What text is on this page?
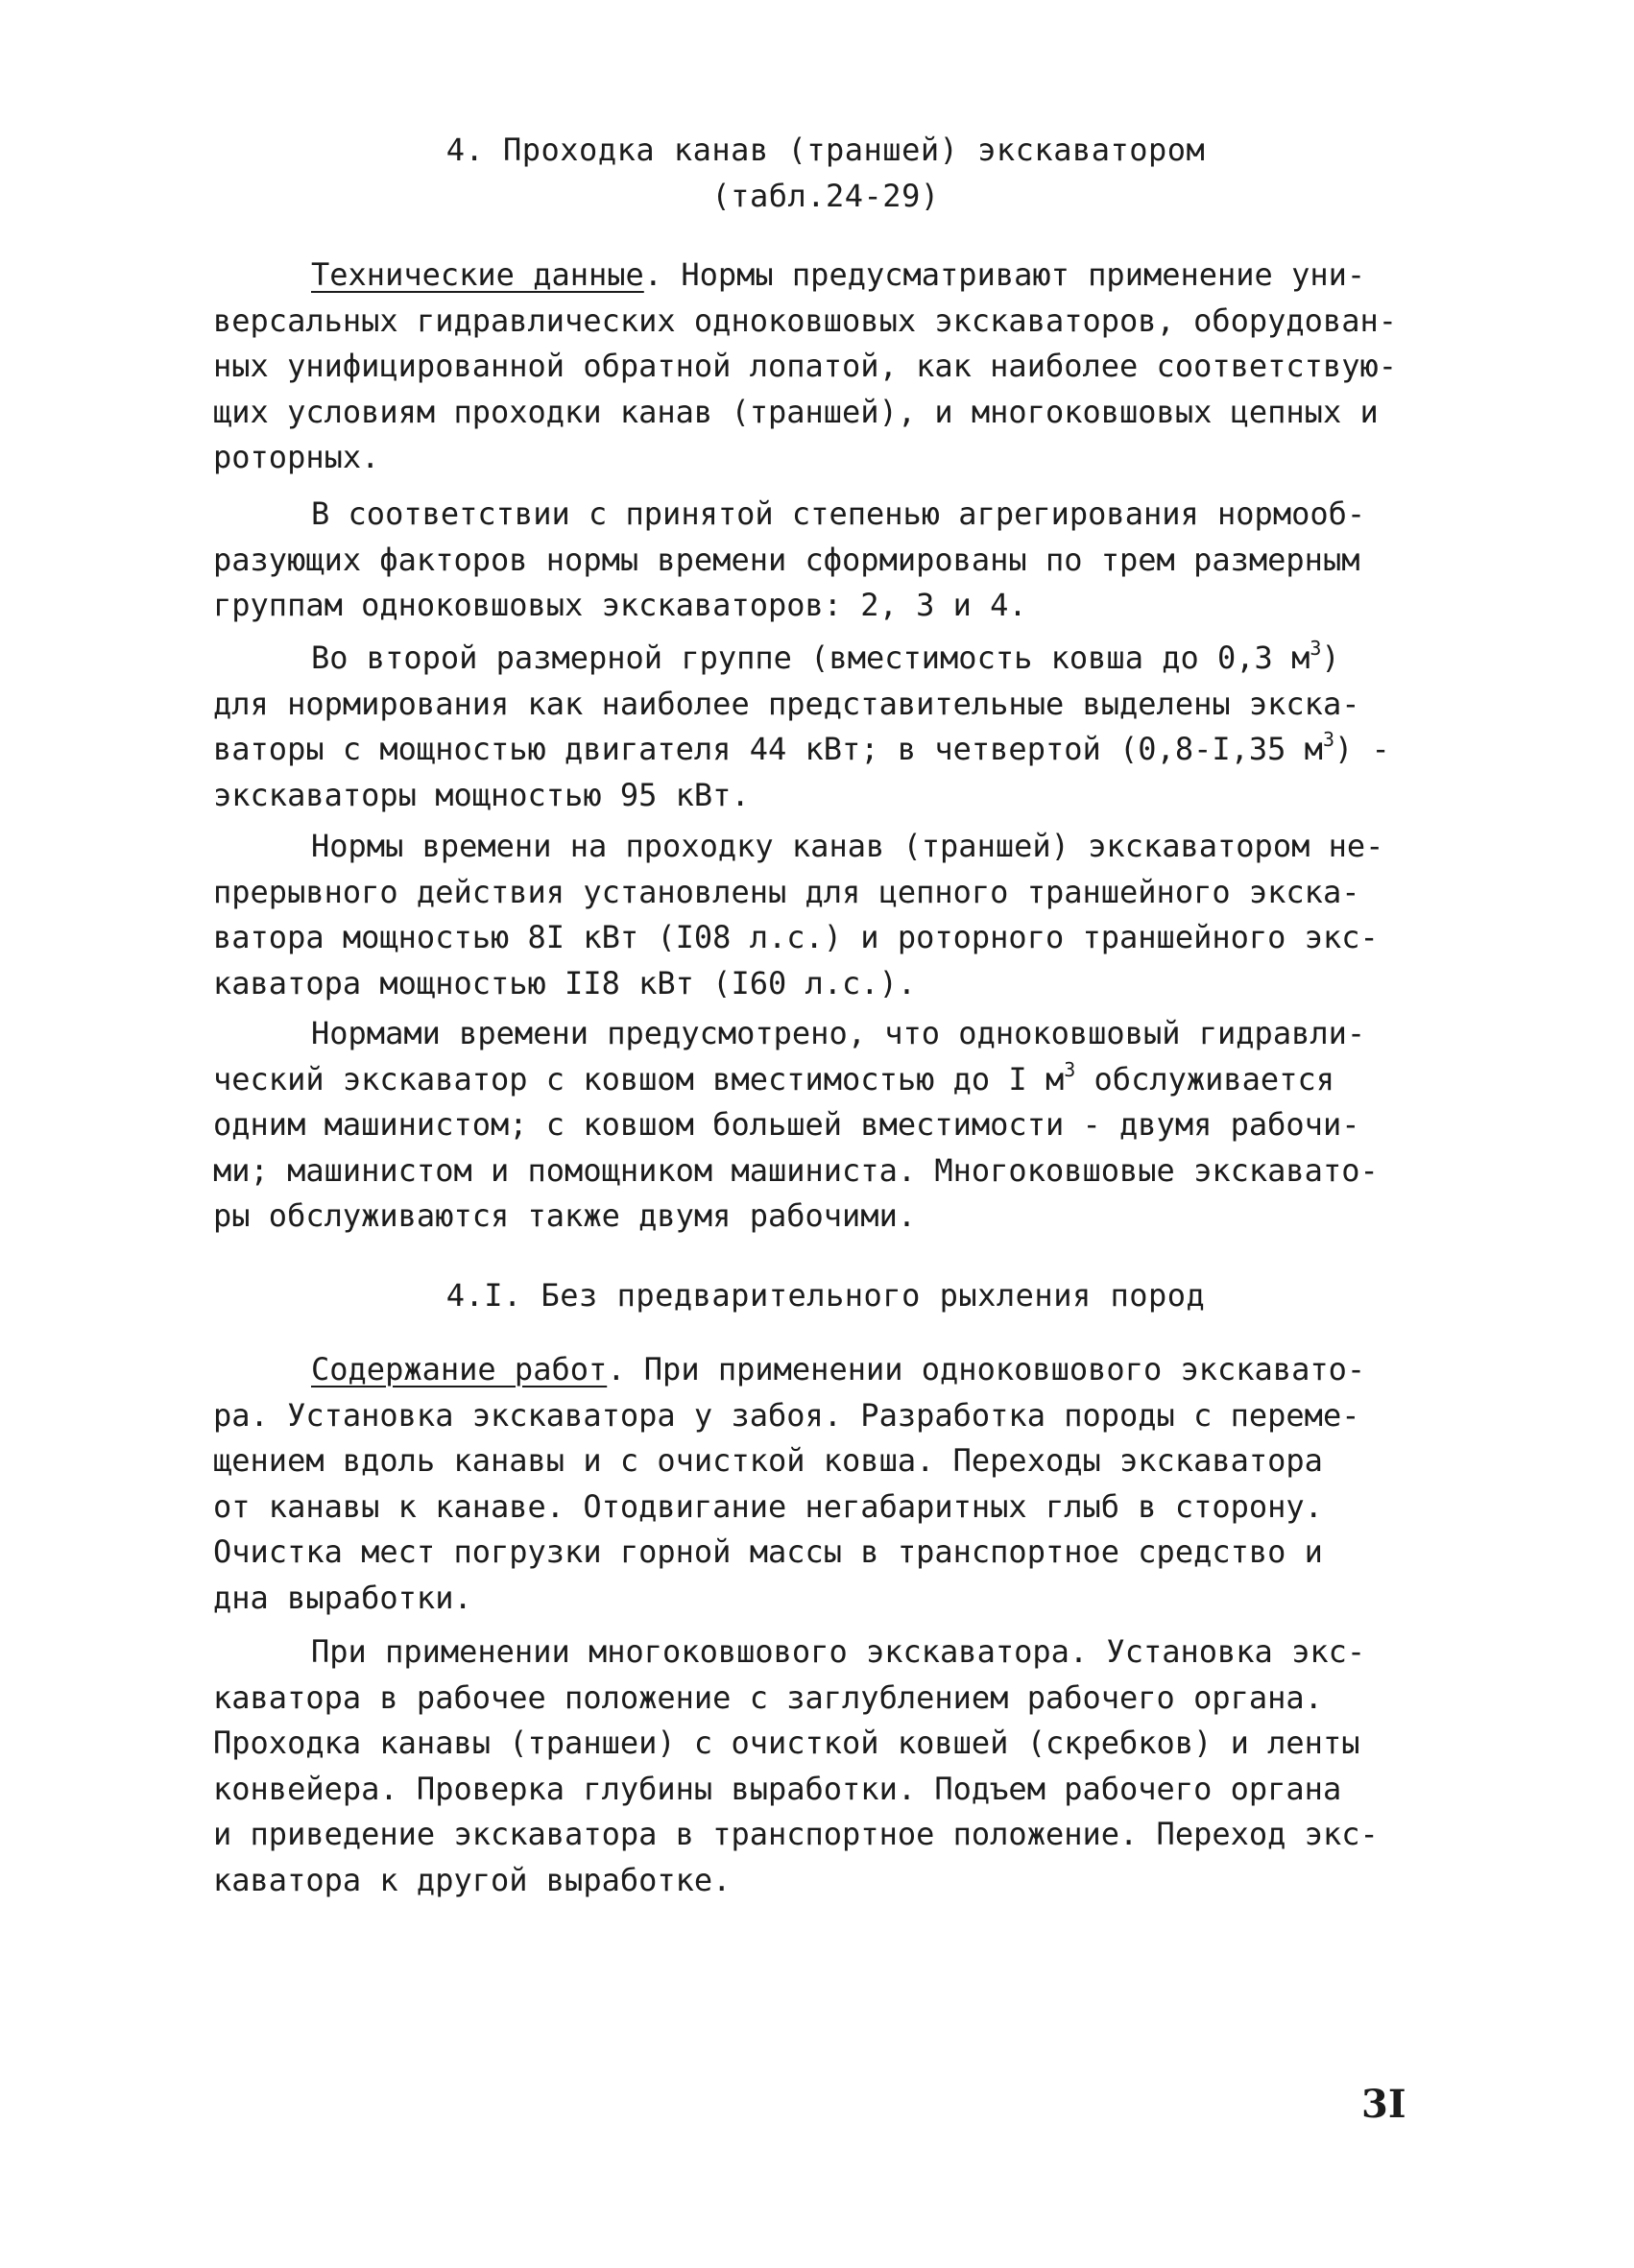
4. Проходка канав (траншей) экскаватором
(табл.24-29)
Технические данные. Нормы предусматривают применение уни-
версальных гидравлических одноковшовых экскаваторов, оборудован-
ных унифицированной обратной лопатой, как наиболее соответствую-
щих условиям проходки канав (траншей), и многоковшовых цепных и
роторных.
В соответствии с принятой степенью агрегирования нормооб-
разующих факторов нормы времени сформированы по трем размерным
группам одноковшовых экскаваторов: 2, 3 и 4.
Во второй размерной группе (вместимость ковша до 0,3 $м^3$)
для нормирования как наиболее представительные выделены экска-
ваторы с мощностью двигателя 44 кВт; в четвертой (0,8-I,35 $м^3$) -
экскаваторы мощностью 95 кВт.
Нормы времени на проходку канав (траншей) экскаватором не-
прерывного действия установлены для цепного траншейного экска-
ватора мощностью 8I кВт (I08 л.с.) и роторного траншейного экс-
каватора мощностью II8 кВт (I60 л.с.).
Нормами времени предусмотрено, что одноковшовый гидравли-
ческий экскаватор с ковшом вместимостью до I $м^3$ обслуживается
одним машинистом; с ковшом большей вместимости - двумя рабочи-
ми; машинистом и помощником машиниста. Многоковшовые экскавато-
ры обслуживаются также двумя рабочими.
4.I. Без предварительного рыхления пород
Содержание работ. При применении одноковшового экскавато-
ра. Установка экскаватора у забоя. Разработка породы с переме-
щением вдоль канавы и с очисткой ковша. Переходы экскаватора
от канавы к канаве. Отодвигание негабаритных глыб в сторону.
Очистка мест погрузки горной массы в транспортное средство и
дна выработки.
При применении многоковшового экскаватора. Установка экс-
каватора в рабочее положение с заглублением рабочего органа.
Проходка канавы (траншеи) с очисткой ковшей (скребков) и ленты
конвейера. Проверка глубины выработки. Подъем рабочего органа
и приведение экскаватора в транспортное положение. Переход экс-
каватора к другой выработке.
3I
